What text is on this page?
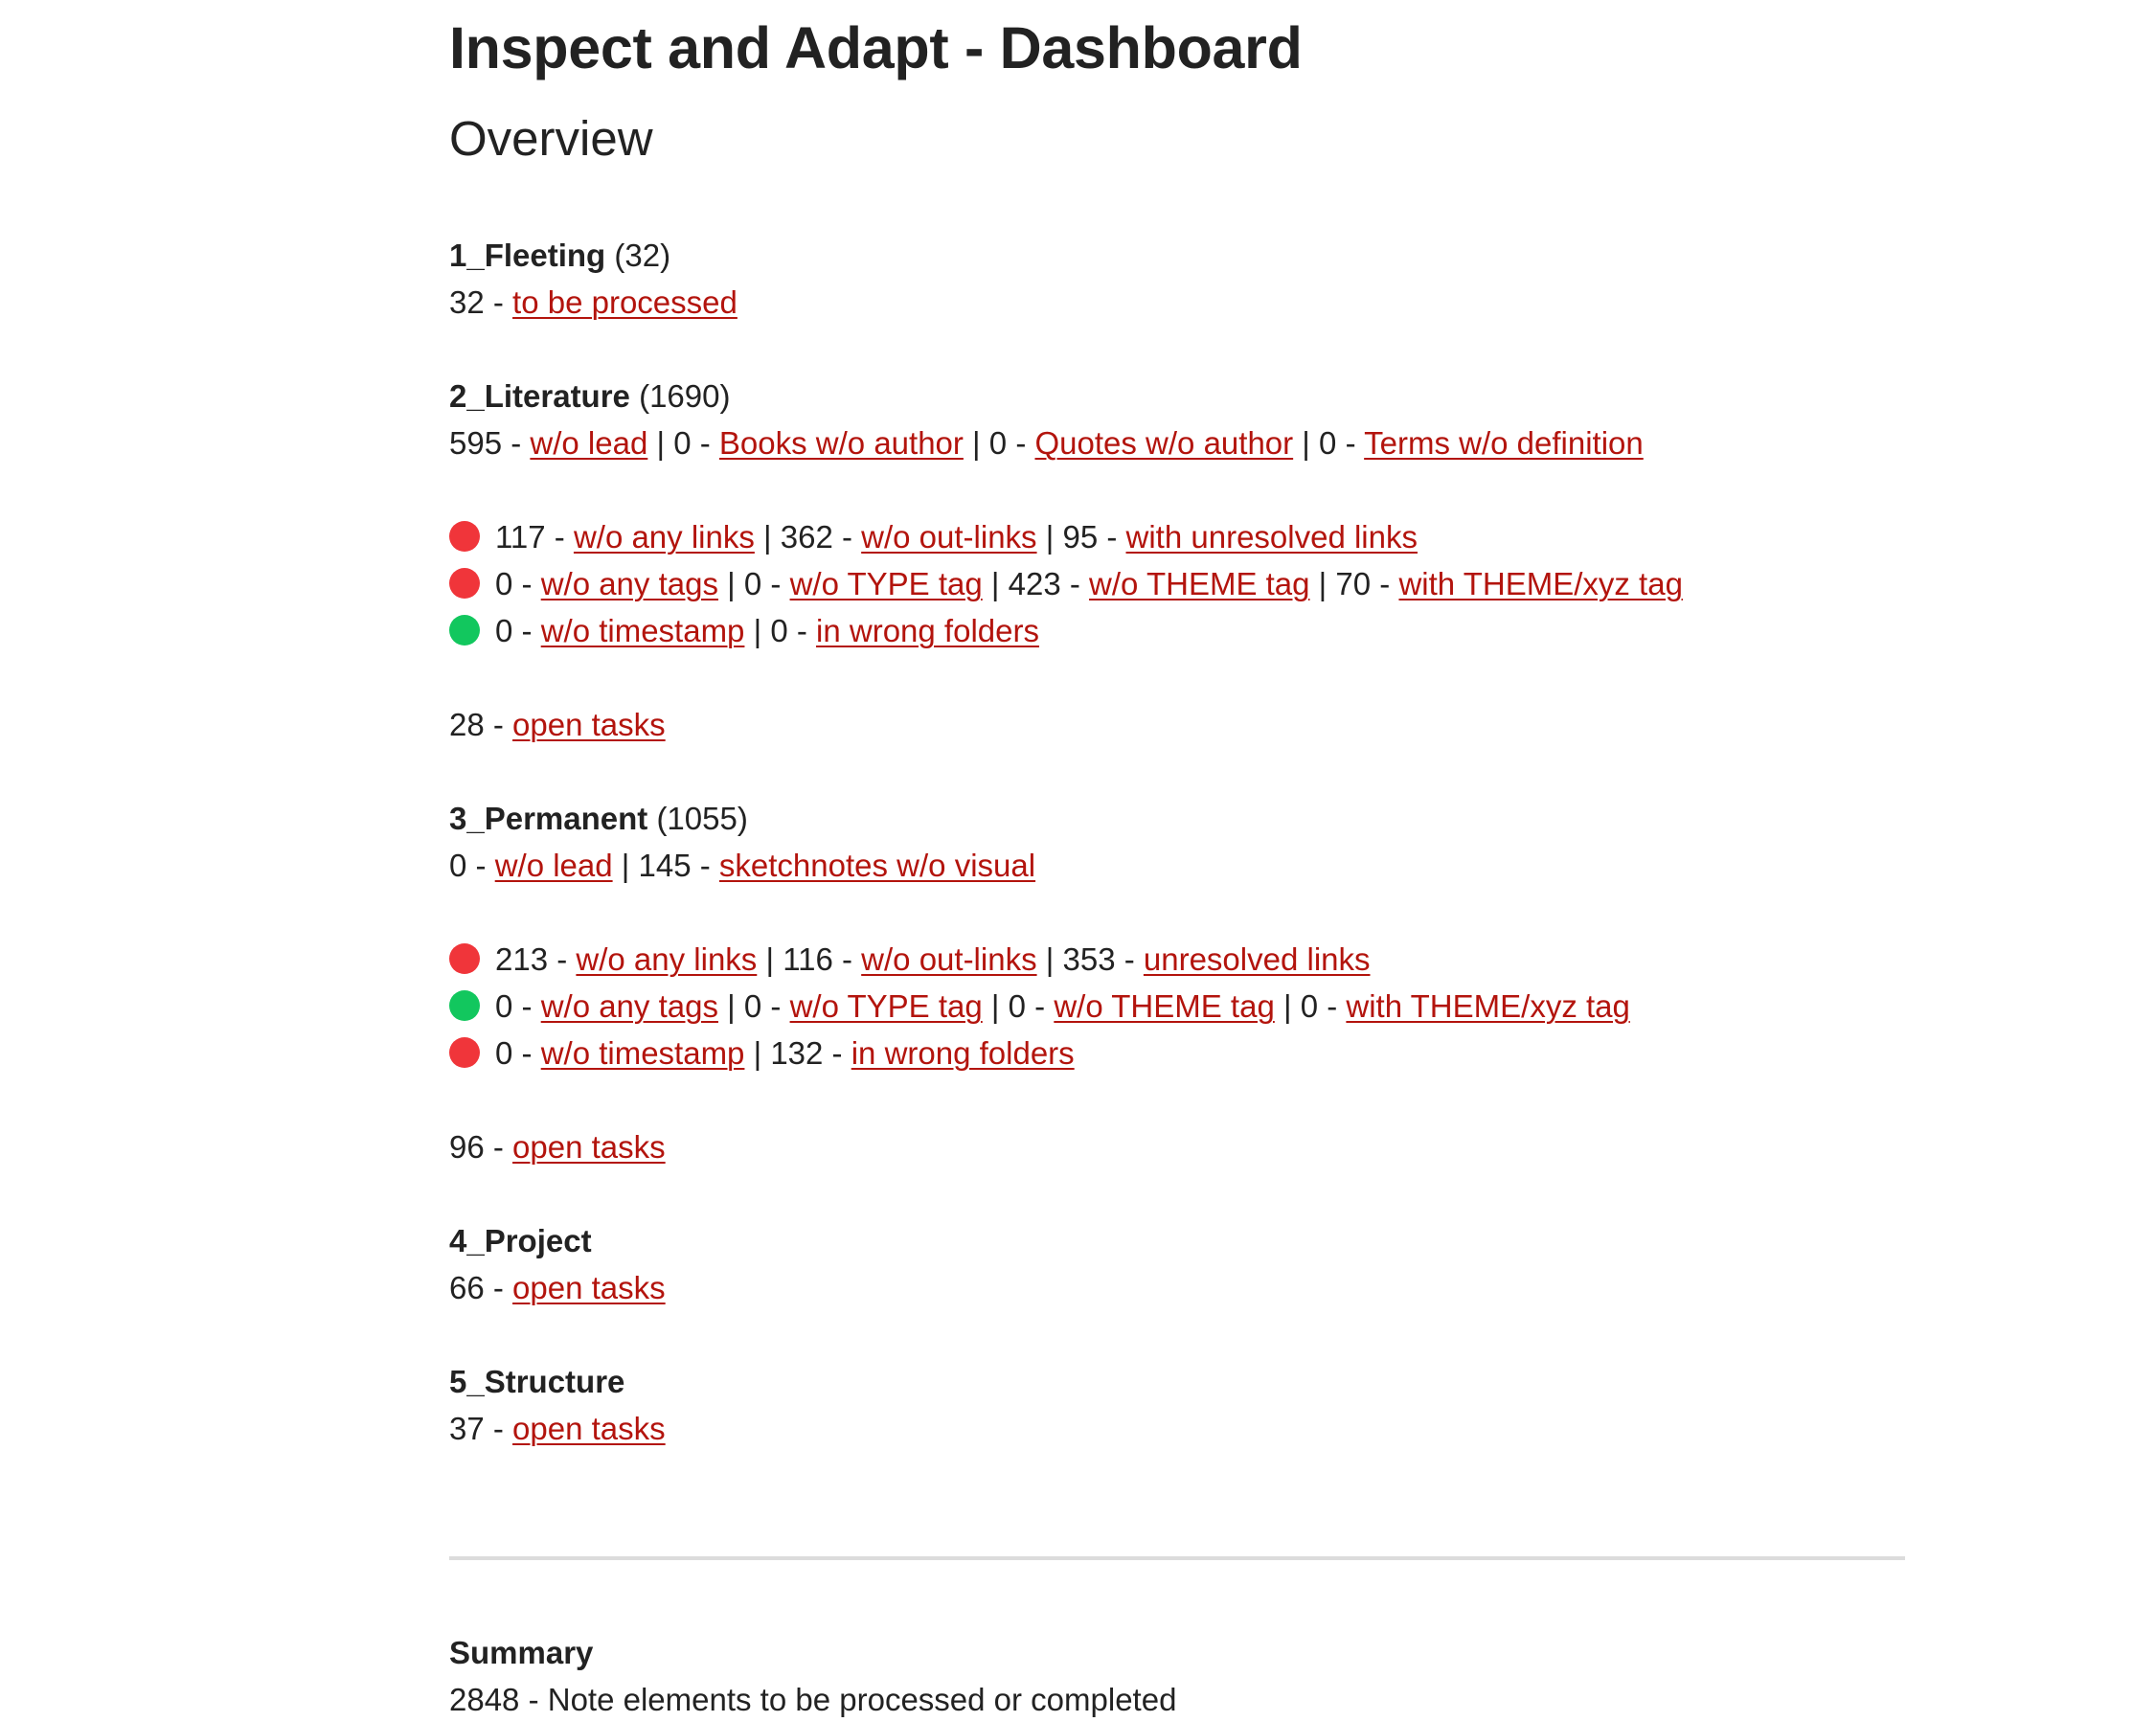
Inspect and Adapt - Dashboard
Overview
1_Fleeting (32)
32 - to be processed
2_Literature (1690)
595 - w/o lead | 0 - Books w/o author | 0 - Quotes w/o author | 0 - Terms w/o definition
117 - w/o any links | 362 - w/o out-links | 95 - with unresolved links
0 - w/o any tags | 0 - w/o TYPE tag | 423 - w/o THEME tag | 70 - with THEME/xyz tag
0 - w/o timestamp | 0 - in wrong folders
28 - open tasks
3_Permanent (1055)
0 - w/o lead | 145 - sketchnotes w/o visual
213 - w/o any links | 116 - w/o out-links | 353 - unresolved links
0 - w/o any tags | 0 - w/o TYPE tag | 0 - w/o THEME tag | 0 - with THEME/xyz tag
0 - w/o timestamp | 132 - in wrong folders
96 - open tasks
4_Project
66 - open tasks
5_Structure
37 - open tasks
Summary
2848 - Note elements to be processed or completed
